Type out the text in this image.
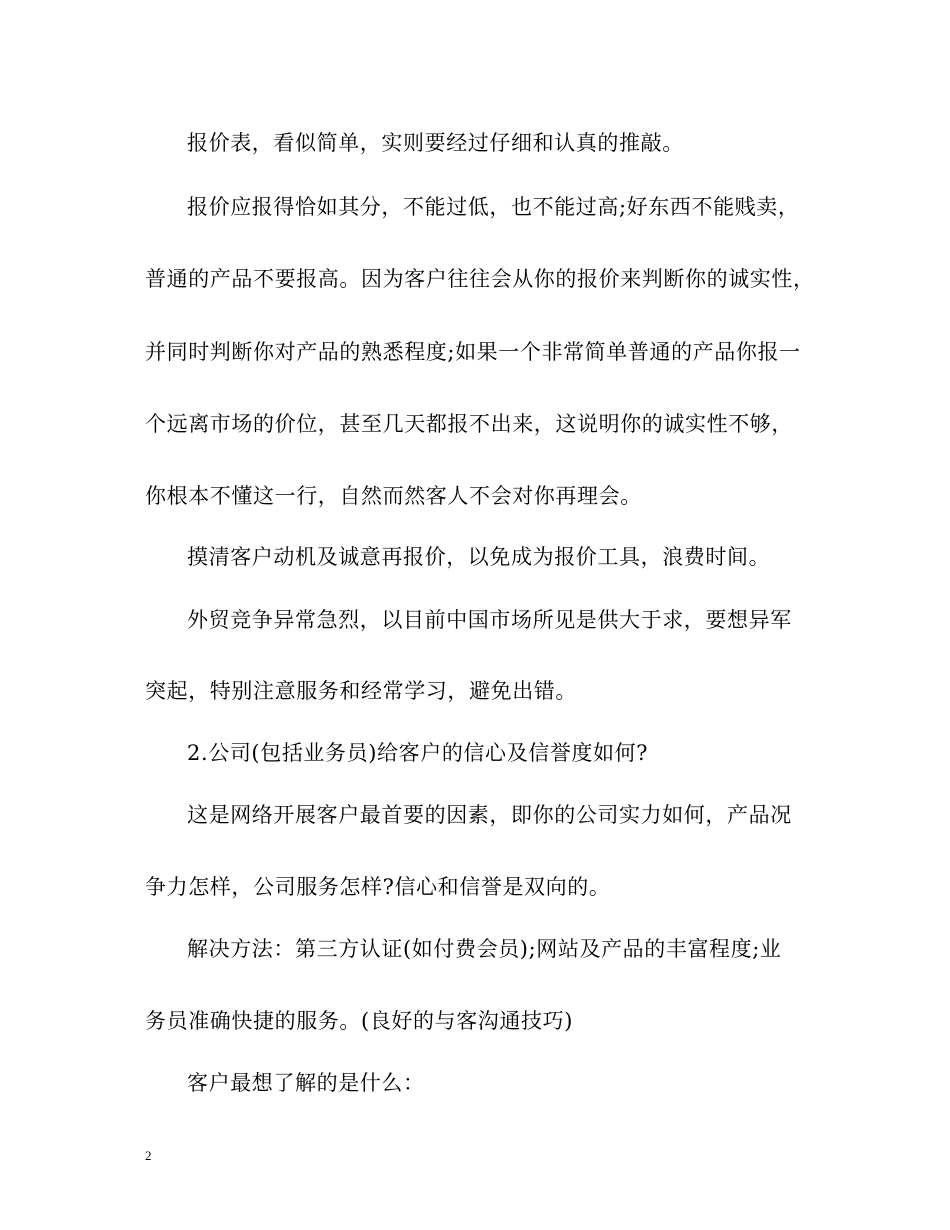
报价表，看似简单，实则要经过仔细和认真的推敲。
报价应报得恰如其分，不能过低，也不能过高;好东西不能贱卖，
普通的产品不要报高。因为客户往往会从你的报价来判断你的诚实性，
并同时判断你对产品的熟悉程度;如果一个非常简单普通的产品你报一
个远离市场的价位，甚至几天都报不出来，这说明你的诚实性不够，
你根本不懂这一行，自然而然客人不会对你再理会。
摸清客户动机及诚意再报价，以免成为报价工具，浪费时间。
外贸竞争异常急烈，以目前中国市场所见是供大于求，要想异军
突起，特别注意服务和经常学习，避免出错。
2.公司(包括业务员)给客户的信心及信誉度如何?
这是网络开展客户最首要的因素，即你的公司实力如何，产品况
争力怎样，公司服务怎样?信心和信誉是双向的。
解决方法：第三方认证(如付费会员);网站及产品的丰富程度;业
务员准确快捷的服务。(良好的与客沟通技巧)
客户最想了解的是什么：
2
